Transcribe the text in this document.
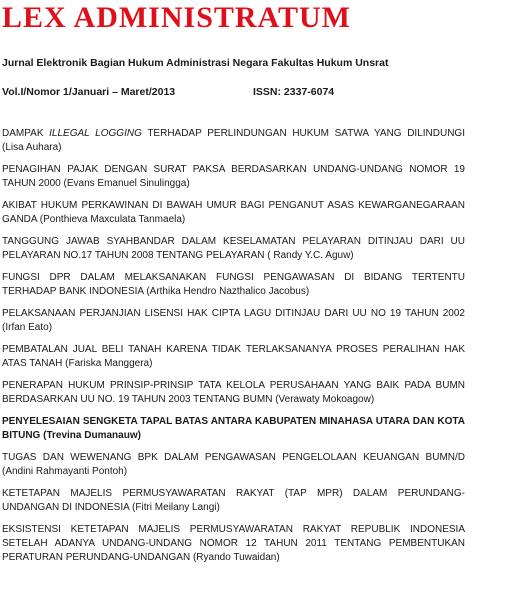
LEX ADMINISTRATUM
Jurnal Elektronik Bagian Hukum Administrasi Negara Fakultas Hukum Unsrat
Vol.I/Nomor 1/Januari – Maret/2013	ISSN: 2337-6074

DAMPAK ILLEGAL LOGGING TERHADAP PERLINDUNGAN HUKUM SATWA YANG DILINDUNGI (Lisa Auhara)

PENAGIHAN PAJAK DENGAN SURAT PAKSA BERDASARKAN UNDANG-UNDANG NOMOR 19 TAHUN 2000 (Evans Emanuel Sinulingga)

AKIBAT HUKUM PERKAWINAN DI BAWAH UMUR BAGI PENGANUT ASAS KEWARGANEGARAAN GANDA (Ponthieva Maxculata Tanmaela)

TANGGUNG JAWAB SYAHBANDAR DALAM KESELAMATAN PELAYARAN DITINJAU DARI UU PELAYARAN NO.17 TAHUN 2008 TENTANG PELAYARAN ( Randy Y.C. Aguw)

FUNGSI DPR DALAM MELAKSANAKAN FUNGSI PENGAWASAN DI BIDANG TERTENTU TERHADAP BANK INDONESIA (Arthika Hendro Nazthalico Jacobus)

PELAKSANAAN PERJANJIAN LISENSI HAK CIPTA LAGU DITINJAU DARI UU NO 19 TAHUN 2002 (Irfan Eato)

PEMBATALAN JUAL BELI TANAH KARENA TIDAK TERLAKSANANYA PROSES PERALIHAN HAK ATAS TANAH (Fariska Manggera)

PENERAPAN HUKUM PRINSIP-PRINSIP TATA KELOLA PERUSAHAAN YANG BAIK PADA BUMN BERDASARKAN UU NO. 19 TAHUN 2003 TENTANG BUMN (Verawaty Mokoagow)

PENYELESAIAN SENGKETA TAPAL BATAS ANTARA KABUPATEN MINAHASA UTARA DAN KOTA BITUNG (Trevina Dumanauw)

TUGAS DAN WEWENANG BPK DALAM PENGAWASAN PENGELOLAAN KEUANGAN BUMN/D (Andini Rahmayanti Pontoh)

KETETAPAN MAJELIS PERMUSYAWARATAN RAKYAT (TAP MPR) DALAM PERUNDANG-UNDANGAN DI INDONESIA (Fitri Meilany Langi)

EKSISTENSI KETETAPAN MAJELIS PERMUSYAWARATAN RAKYAT REPUBLIK INDONESIA SETELAH ADANYA UNDANG-UNDANG NOMOR 12 TAHUN 2011 TENTANG PEMBENTUKAN PERATURAN PERUNDANG-UNDANGAN (Ryando Tuwaidan)
